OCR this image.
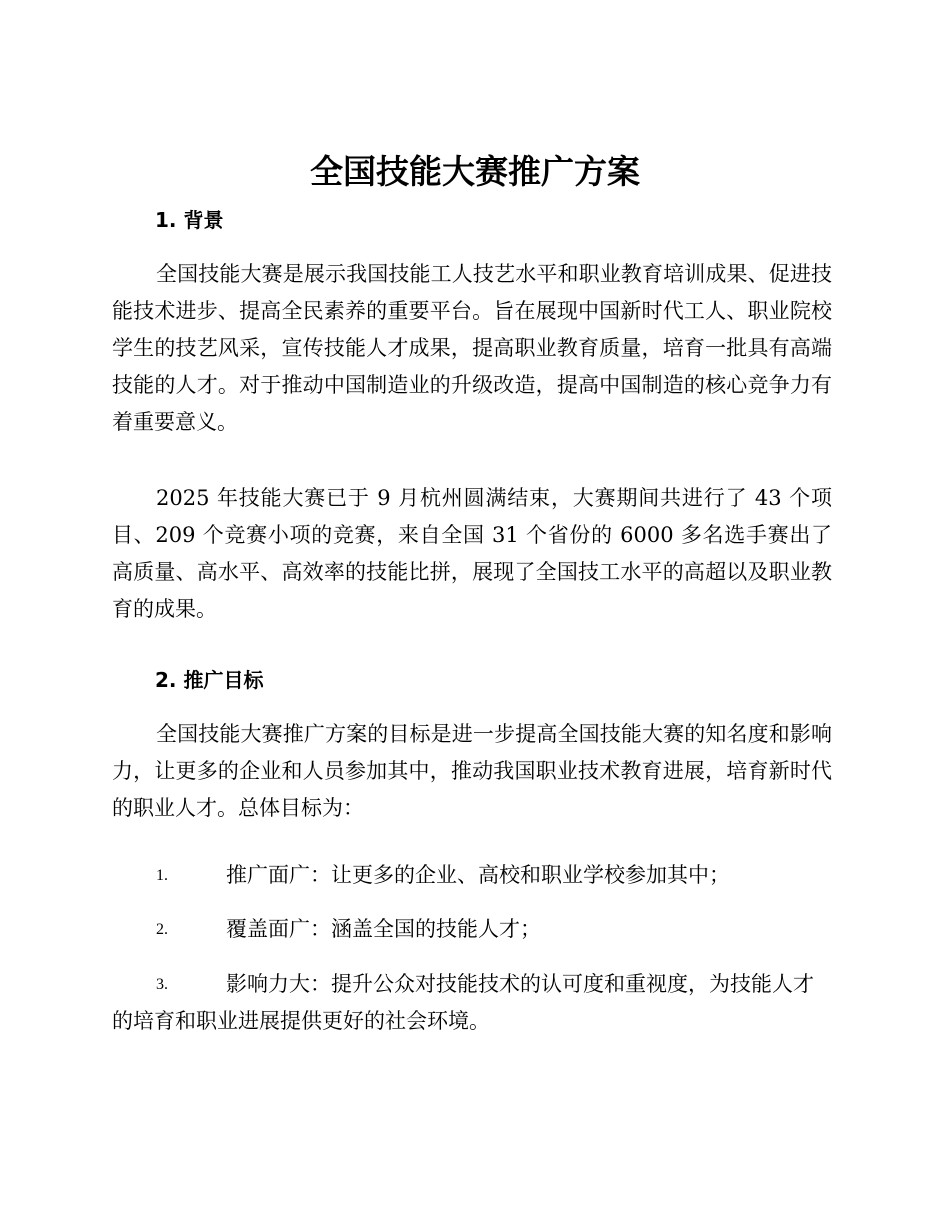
全国技能大赛推广方案
1. 背景

全国技能大赛是展示我国技能工人技艺水平和职业教育培训成果、促进技能技术进步、提高全民素养的重要平台。旨在展现中国新时代工人、职业院校学生的技艺风采，宣传技能人才成果，提高职业教育质量，培育一批具有高端技能的人才。对于推动中国制造业的升级改造，提高中国制造的核心竞争力有着重要意义。

2025 年技能大赛已于 9 月杭州圆满结束，大赛期间共进行了 43 个项目、209 个竞赛小项的竞赛，来自全国 31 个省份的 6000 多名选手赛出了高质量、高水平、高效率的技能比拼，展现了全国技工水平的高超以及职业教育的成果。

2. 推广目标

全国技能大赛推广方案的目标是进一步提高全国技能大赛的知名度和影响力，让更多的企业和人员参加其中，推动我国职业技术教育进展，培育新时代的职业人才。总体目标为：

1.	推广面广：让更多的企业、高校和职业学校参加其中；
2.	覆盖面广：涵盖全国的技能人才；
3.	影响力大：提升公众对技能技术的认可度和重视度，为技能人才的培育和职业进展提供更好的社会环境。
